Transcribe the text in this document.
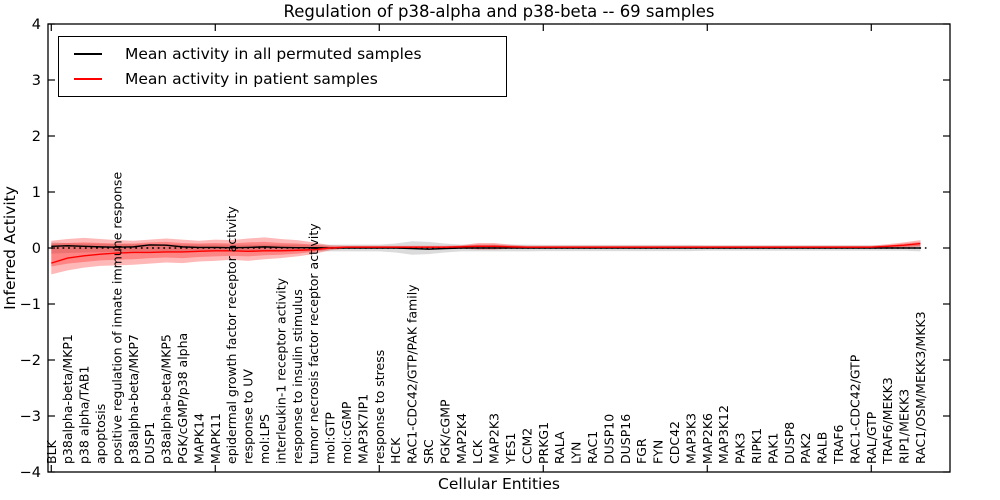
−4
−3
−2
−1
0
1
2
3
4
BLK p38alpha-beta/MKP1 p38 alpha/TAB1 apoptosis positive regulation of innate immune response p38alpha-beta/MKP7 DUSP1 p38alpha-beta/MKP5 PGK/cGMP/p38 alpha MAPK14 MAPK11 epidermal growth factor receptor activity response to UV mol:LPS interleukin-1 receptor activity response to insulin stimulus tumor necrosis factor receptor activity mol:GTP mol:cGMP MAP3K7IP1 response to stress HCK RAC1-CDC42/GTP/PAK family SRC PGK/cGMP MAP2K4 LCK MAP2K3 YES1 CCM2 PRKG1 RALA LYN RAC1 DUSP10 DUSP16 FGR FYN CDC42 MAP3K3 MAP2K6 MAP3K12 PAK3 RIPK1 PAK1 DUSP8 PAK2 RALB TRAF6 RAC1-CDC42/GTP RAL/GTP TRAF6/MEKK3 RIP1/MEKK3 RAC1/OSM/MEKK3/MKK3
Regulation of p38-alpha and p38-beta -- 69 samples
Inferred Activity
Cellular Entities
Mean activity in all permuted samples
Mean activity in patient samples
